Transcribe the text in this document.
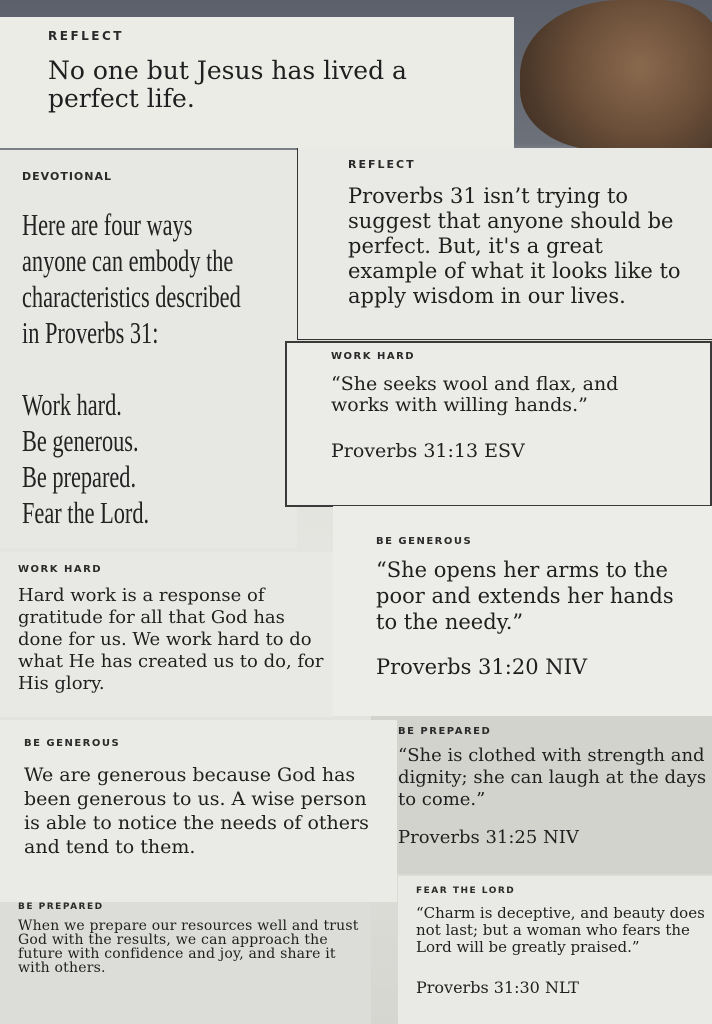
REFLECT
No one but Jesus has lived a perfect life.
DEVOTIONAL
Here are four ways anyone can embody the characteristics described in Proverbs 31:
Work hard.
Be generous.
Be prepared.
Fear the Lord.
REFLECT
Proverbs 31 isn’t trying to suggest that anyone should be perfect. But, it's a great example of what it looks like to apply wisdom in our lives.
WORK HARD
“She seeks wool and flax, and works with willing hands.”
Proverbs 31:13 ESV
BE GENEROUS
“She opens her arms to the poor and extends her hands to the needy.”
Proverbs 31:20 NIV
WORK HARD
Hard work is a response of gratitude for all that God has done for us. We work hard to do what He has created us to do, for His glory.
BE PREPARED
“She is clothed with strength and dignity; she can laugh at the days to come.”
Proverbs 31:25 NIV
BE GENEROUS
We are generous because God has been generous to us. A wise person is able to notice the needs of others and tend to them.
FEAR THE LORD
“Charm is deceptive, and beauty does not last; but a woman who fears the Lord will be greatly praised.”
Proverbs 31:30 NLT
BE PREPARED
When we prepare our resources well and trust God with the results, we can approach the future with confidence and joy, and share it with others.
